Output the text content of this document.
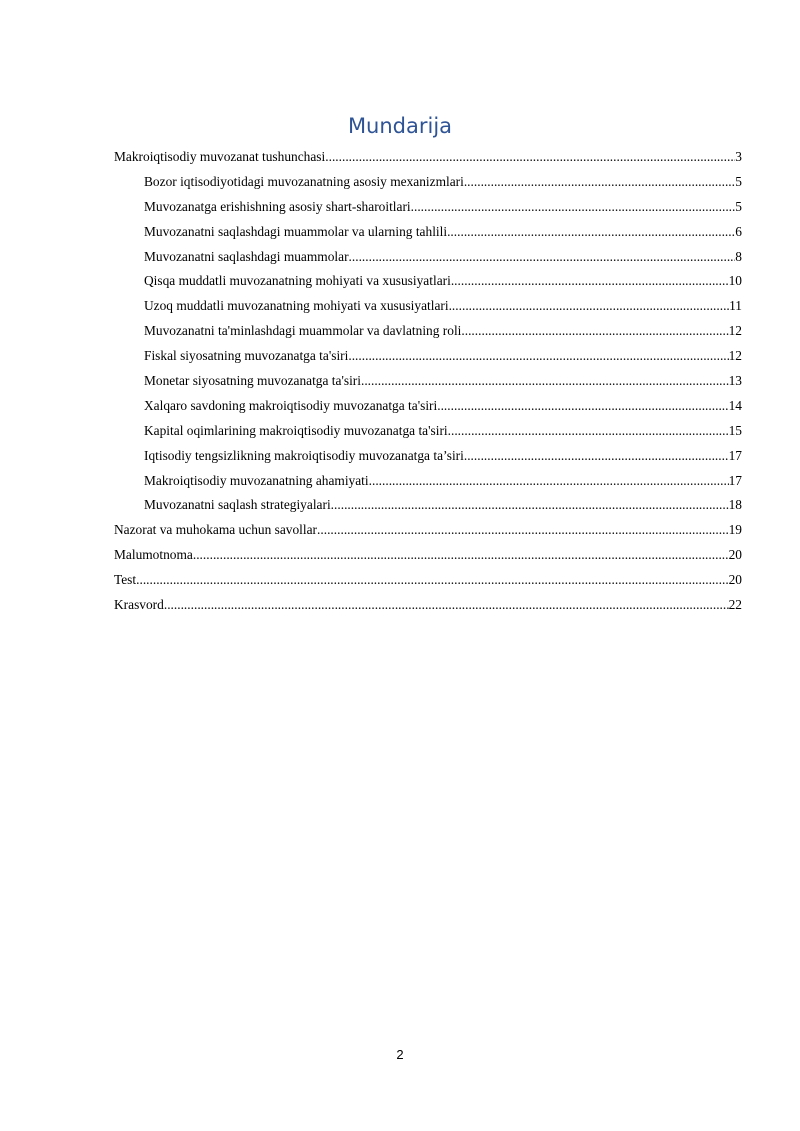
Mundarija
Makroiqtisodiy muvozanat tushunchasi .....	3
Bozor iqtisodiyotidagi muvozanatning asosiy mexanizmlari .....	5
Muvozanatga erishishning asosiy shart-sharoitlari .....	5
Muvozanatni saqlashdagi muammolar va ularning tahlili .....	6
Muvozanatni saqlashdagi muammolar .....	8
Qisqa muddatli muvozanatning mohiyati va xususiyatlari .....	10
Uzoq muddatli muvozanatning mohiyati va xususiyatlari .....	11
Muvozanatni ta'minlashdagi muammolar va davlatning roli .....	12
Fiskal siyosatning muvozanatga ta'siri .....	12
Monetar siyosatning muvozanatga ta'siri .....	13
Xalqaro savdoning makroiqtisodiy muvozanatga ta'siri .....	14
Kapital oqimlarining makroiqtisodiy muvozanatga ta'siri .....	15
Iqtisodiy tengsizlikning makroiqtisodiy muvozanatga ta’siri .....	17
Makroiqtisodiy muvozanatning ahamiyati .....	17
Muvozanatni saqlash strategiyalari .....	18
Nazorat va muhokama uchun savollar .....	19
Malumotnoma .....	20
Test .....	20
Krasvord .....	22
2
